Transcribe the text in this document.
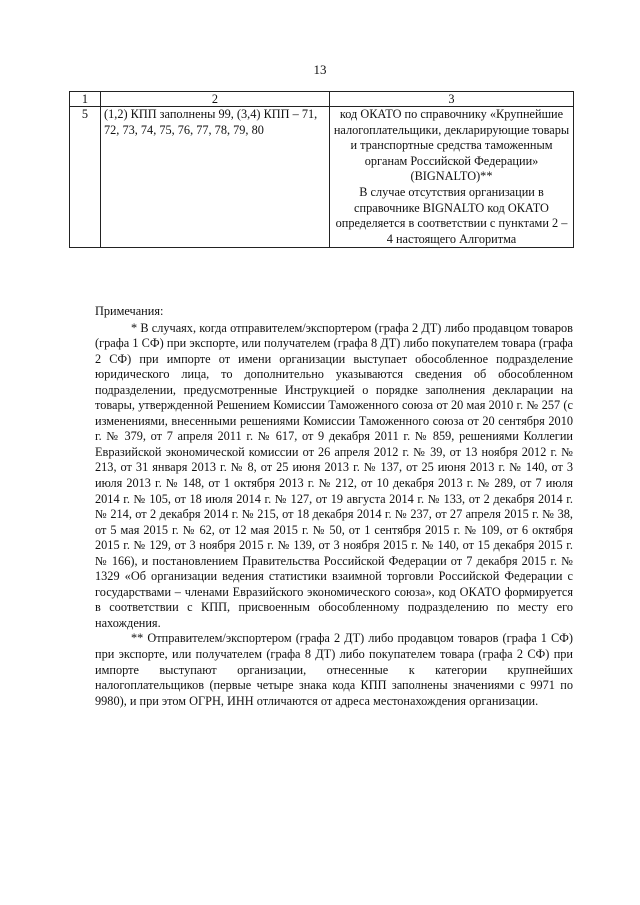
13
1	2	3
5	(1,2) КПП заполнены 99, (3,4) КПП – 71, 72, 73, 74, 75, 76, 77, 78, 79, 80	код ОКАТО по справочнику «Крупнейшие налогоплательщики, декларирующие товары и транспортные средства таможенным органам Российской Федерации» (BIGNALTO)**

В случае отсутствия организации в справочнике BIGNALTO код ОКАТО определяется в соответствии с пунктами 2 – 4 настоящего Алгоритма

Примечания:

* В случаях, когда отправителем/экспортером (графа 2 ДТ) либо продавцом товаров (графа 1 СФ) при экспорте, или получателем (графа 8 ДТ) либо покупателем товара (графа 2 СФ) при импорте от имени организации выступает обособленное подразделение юридического лица, то дополнительно указываются сведения об обособленном подразделении, предусмотренные Инструкцией о порядке заполнения декларации на товары, утвержденной Решением Комиссии Таможенного союза от 20 мая 2010 г. № 257 (с изменениями, внесенными решениями Комиссии Таможенного союза от 20 сентября 2010 г. № 379, от 7 апреля 2011 г. № 617, от 9 декабря 2011 г. № 859, решениями Коллегии Евразийской экономической комиссии от 26 апреля 2012 г. № 39, от 13 ноября 2012 г. № 213, от 31 января 2013 г. № 8, от 25 июня 2013 г. № 137, от 25 июня 2013 г. № 140, от 3 июля 2013 г. № 148, от 1 октября 2013 г. № 212, от 10 декабря 2013 г. № 289, от 7 июля 2014 г. № 105, от 18 июля 2014 г. № 127, от 19 августа 2014 г. № 133, от 2 декабря 2014 г. № 214, от 2 декабря 2014 г. № 215, от 18 декабря 2014 г. № 237, от 27 апреля 2015 г. № 38, от 5 мая 2015 г. № 62, от 12 мая 2015 г. № 50, от 1 сентября 2015 г. № 109, от 6 октября 2015 г. № 129, от 3 ноября 2015 г. № 139, от 3 ноября 2015 г. № 140, от 15 декабря 2015 г. № 166), и постановлением Правительства Российской Федерации от 7 декабря 2015 г. № 1329 «Об организации ведения статистики взаимной торговли Российской Федерации с государствами – членами Евразийского экономического союза», код ОКАТО формируется в соответствии с КПП, присвоенным обособленному подразделению по месту его нахождения.

** Отправителем/экспортером (графа 2 ДТ) либо продавцом товаров (графа 1 СФ) при экспорте, или получателем (графа 8 ДТ) либо покупателем товара (графа 2 СФ) при импорте выступают организации, отнесенные к категории крупнейших налогоплательщиков (первые четыре знака кода КПП заполнены значениями с 9971 по 9980), и при этом ОГРН, ИНН отличаются от адреса местонахождения организации.
